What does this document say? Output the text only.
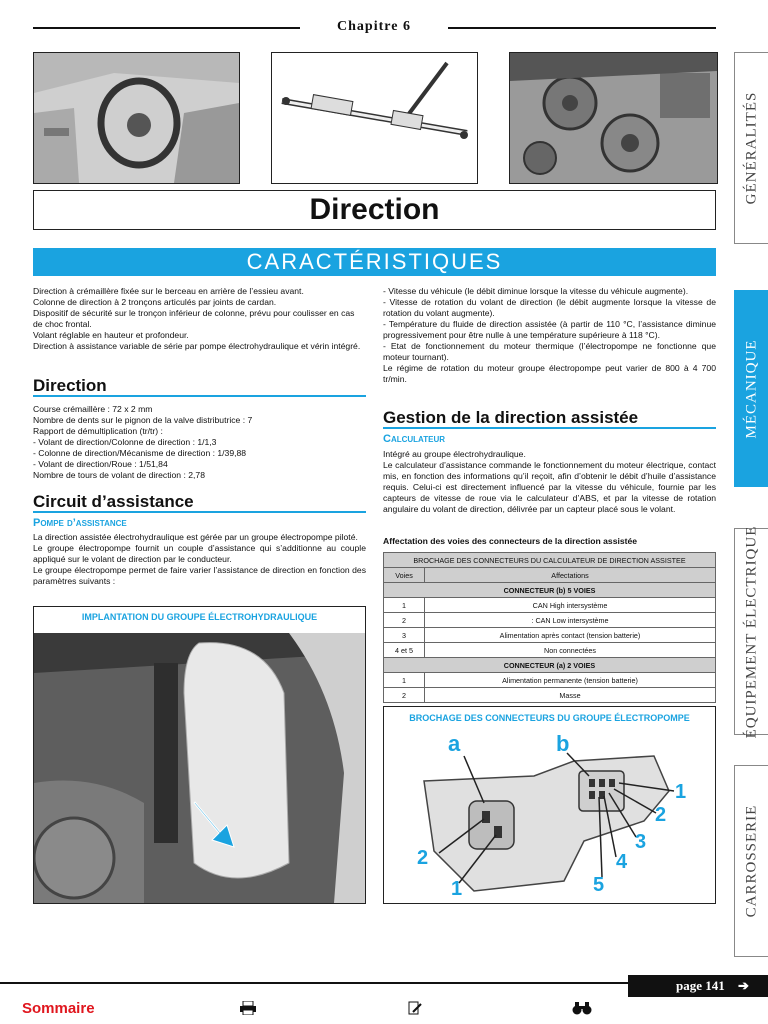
Chapitre 6
Direction
CARACTÉRISTIQUES

Direction à crémaillère fixée sur le berceau en arrière de l’essieu avant.

Colonne de direction à 2 tronçons articulés par joints de cardan.

Dispositif de sécurité sur le tronçon inférieur de colonne, prévu pour coulisser en cas de choc frontal.

Volant réglable en hauteur et profondeur.

Direction à assistance variable de série par pompe électrohydraulique et vérin intégré.

Direction

Course crémaillère : 72 x 2 mm

Nombre de dents sur le pignon de la valve distributrice : 7

Rapport de démultiplication (tr/tr) :

- Volant de direction/Colonne de direction : 1/1,3

- Colonne de direction/Mécanisme de direction : 1/39,88

- Volant de direction/Roue : 1/51,84

Nombre de tours de volant de direction : 2,78

Circuit d’assistance
Pompe d’assistance

La direction assistée électrohydraulique est gérée par un groupe électropompe piloté.

Le groupe électropompe fournit un couple d’assistance qui s’additionne au couple appliqué sur le volant de direction par le conducteur.

Le groupe électropompe permet de faire varier l’assistance de direction en fonction des paramètres suivants :

IMPLANTATION DU GROUPE ÉLECTROHYDRAULIQUE

- Vitesse du véhicule (le débit diminue lorsque la vitesse du véhicule augmente).

- Vitesse de rotation du volant de direction (le débit augmente lorsque la vitesse de rotation du volant augmente).

- Température du fluide de direction assistée (à partir de 110 °C, l’assistance diminue progressivement pour être nulle à une température supérieure à 118 °C).

- Etat de fonctionnement du moteur thermique (l’électropompe ne fonctionne que moteur tournant).

Le régime de rotation du moteur groupe électropompe peut varier de 800 à 4 700 tr/min.

Gestion de la direction assistée
Calculateur

Intégré au groupe électrohydraulique.

Le calculateur d’assistance commande le fonctionnement du moteur électrique, contact mis, en fonction des informations qu’il reçoit, afin d’obtenir le débit d’huile d’assistance requis. Celui-ci est directement influencé par la vitesse du véhicule, fournie par les capteurs de vitesse de roue via le calculateur d’ABS, et par la vitesse de rotation angulaire du volant de direction, délivrée par un capteur placé sous le volant.

Affectation des voies des connecteurs de la direction assistée
BROCHAGE DES CONNECTEURS DU CALCULATEUR DE DIRECTION ASSISTEE	
Voies	Affectations
CONNECTEUR (b) 5 VOIES	
1	CAN High intersystème
2	: CAN Low intersystème
3	Alimentation après contact (tension batterie)
4 et 5	Non connectées
CONNECTEUR (a) 2 VOIES	
1	Alimentation permanente (tension batterie)
2	Masse
BROCHAGE DES CONNECTEURS DU GROUPE ÉLECTROPOMPE
a	b
1
2
3
4
5
2
1
GÉNÉRALITÉS
MÉCANIQUE
ÉQUIPEMENT ÉLECTRIQUE
CARROSSERIE
page 141 ➔
Sommaire
